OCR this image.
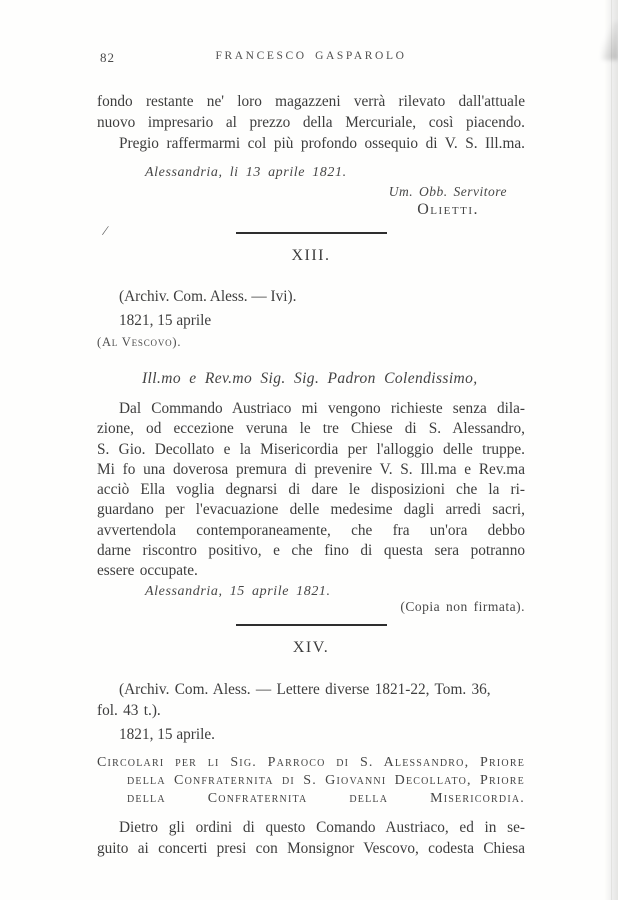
/
82	FRANCESCO GASPAROLO
fondo restante ne' loro magazzeni verrà rilevato dall'attuale
nuovo impresario al prezzo della Mercuriale, così piacendo.
Pregio raffermarmi col più profondo ossequio di V. S. Ill.ma.
Alessandria, li 13 aprile 1821.
Um. Obb. Servitore
Olietti.
XIII.
(Archiv. Com. Aless. — Ivi).
1821, 15 aprile
(Al Vescovo).
Ill.mo e Rev.mo Sig. Sig. Padron Colendissimo,
Dal Commando Austriaco mi vengono richieste senza dila-
zione, od eccezione veruna le tre Chiese di S. Alessandro,
S. Gio. Decollato e la Misericordia per l'alloggio delle truppe.
Mi fo una doverosa premura di prevenire V. S. Ill.ma e Rev.ma
acciò Ella voglia degnarsi di dare le disposizioni che la ri-
guardano per l'evacuazione delle medesime dagli arredi sacri,
avvertendola contemporaneamente, che fra un'ora debbo
darne riscontro positivo, e che fino di questa sera potranno
essere occupate.
Alessandria, 15 aprile 1821.
(Copia non firmata).
XIV.
(Archiv. Com. Aless. — Lettere diverse 1821-22, Tom. 36,
fol. 43 t.).
1821, 15 aprile.
Circolari per li Sig. Parroco di S. Alessandro, Priore
della Confraternita di S. Giovanni Decollato, Priore
della Confraternita della Misericordia.
Dietro gli ordini di questo Comando Austriaco, ed in se-
guito ai concerti presi con Monsignor Vescovo, codesta Chiesa
